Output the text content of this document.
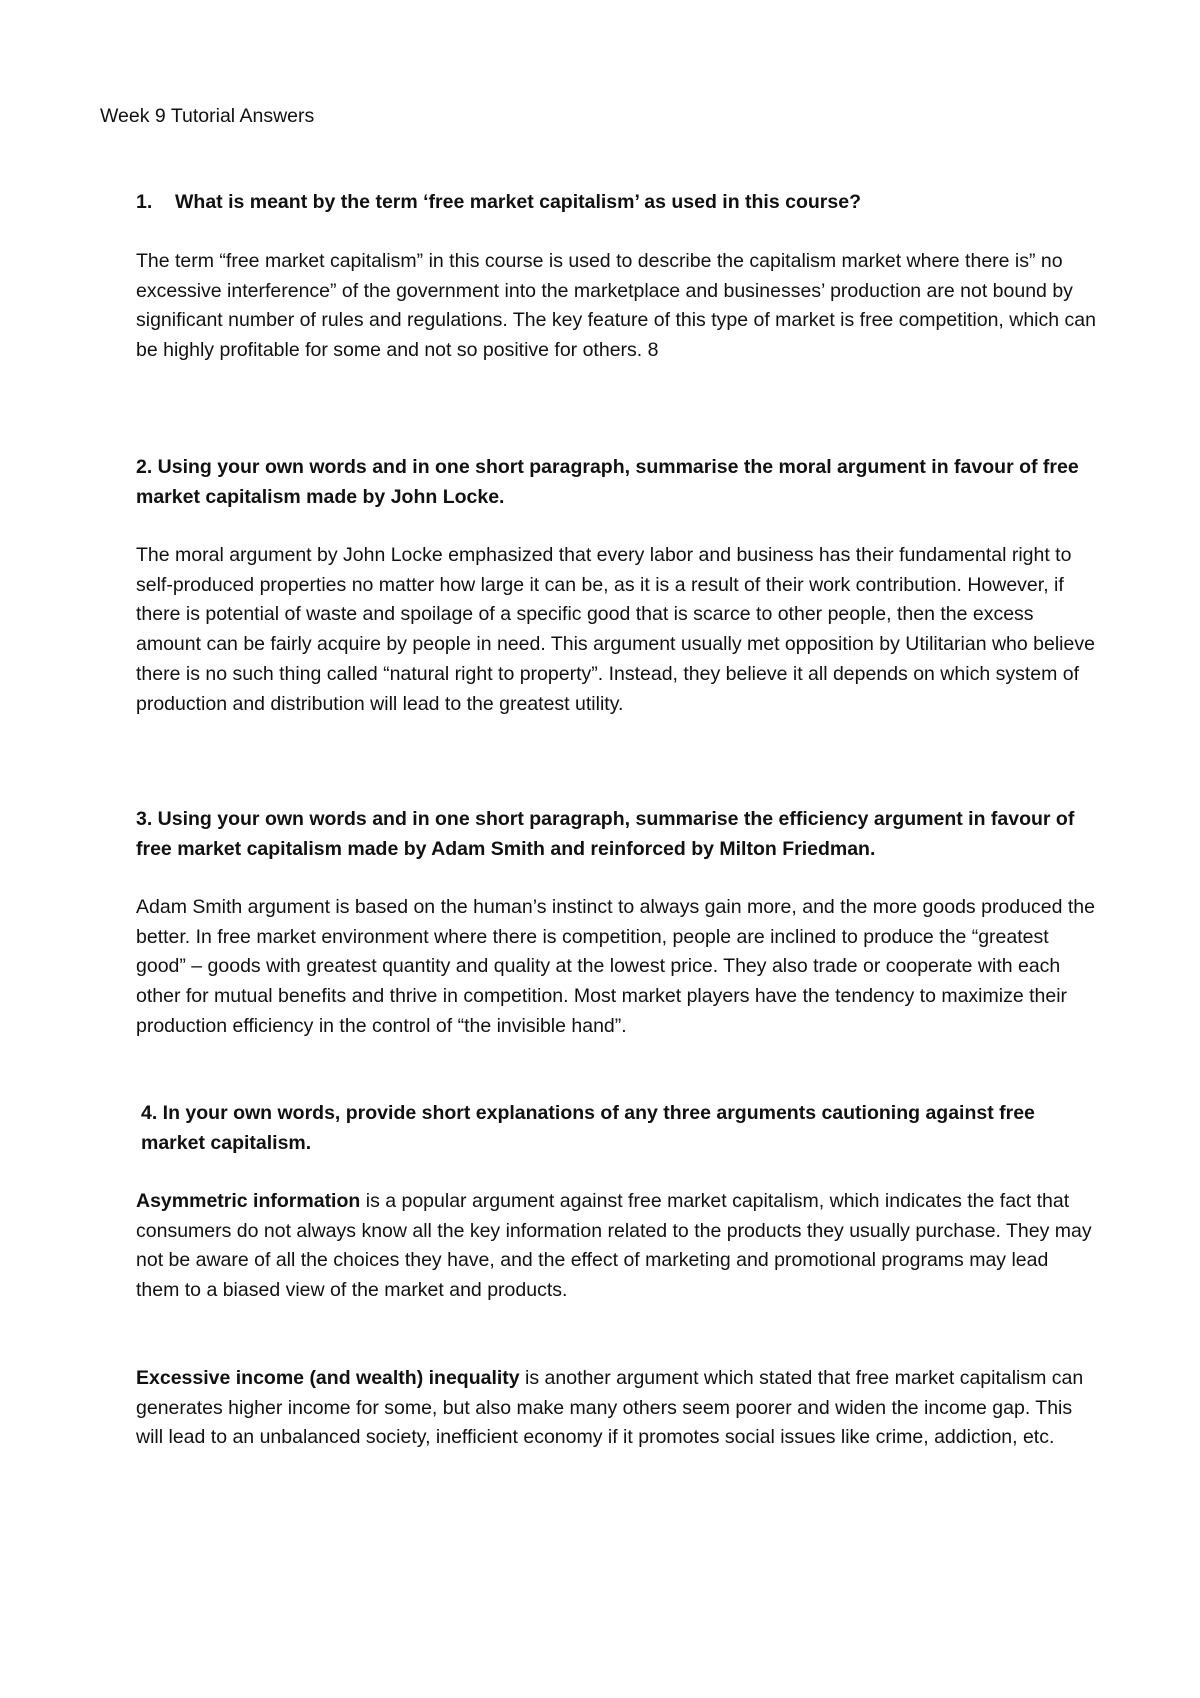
Week 9 Tutorial Answers

1. What is meant by the term ‘free market capitalism’ as used in this course?

The term “free market capitalism” in this course is used to describe the capitalism market where there is” no excessive interference” of the government into the marketplace and businesses’ production are not bound by significant number of rules and regulations. The key feature of this type of market is free competition, which can be highly profitable for some and not so positive for others. 8

2. Using your own words and in one short paragraph, summarise the moral argument in favour of free market capitalism made by John Locke.

The moral argument by John Locke emphasized that every labor and business has their fundamental right to self-produced properties no matter how large it can be, as it is a result of their work contribution. However, if there is potential of waste and spoilage of a specific good that is scarce to other people, then the excess amount can be fairly acquire by people in need. This argument usually met opposition by Utilitarian who believe there is no such thing called “natural right to property”. Instead, they believe it all depends on which system of production and distribution will lead to the greatest utility.

3. Using your own words and in one short paragraph, summarise the efficiency argument in favour of free market capitalism made by Adam Smith and reinforced by Milton Friedman.

Adam Smith argument is based on the human’s instinct to always gain more, and the more goods produced the better. In free market environment where there is competition, people are inclined to produce the “greatest good” – goods with greatest quantity and quality at the lowest price. They also trade or cooperate with each other for mutual benefits and thrive in competition. Most market players have the tendency to maximize their production efficiency in the control of “the invisible hand”.

4. In your own words, provide short explanations of any three arguments cautioning against free market capitalism.

Asymmetric information is a popular argument against free market capitalism, which indicates the fact that consumers do not always know all the key information related to the products they usually purchase. They may not be aware of all the choices they have, and the effect of marketing and promotional programs may lead them to a biased view of the market and products.

Excessive income (and wealth) inequality is another argument which stated that free market capitalism can generates higher income for some, but also make many others seem poorer and widen the income gap. This will lead to an unbalanced society, inefficient economy if it promotes social issues like crime, addiction, etc.
